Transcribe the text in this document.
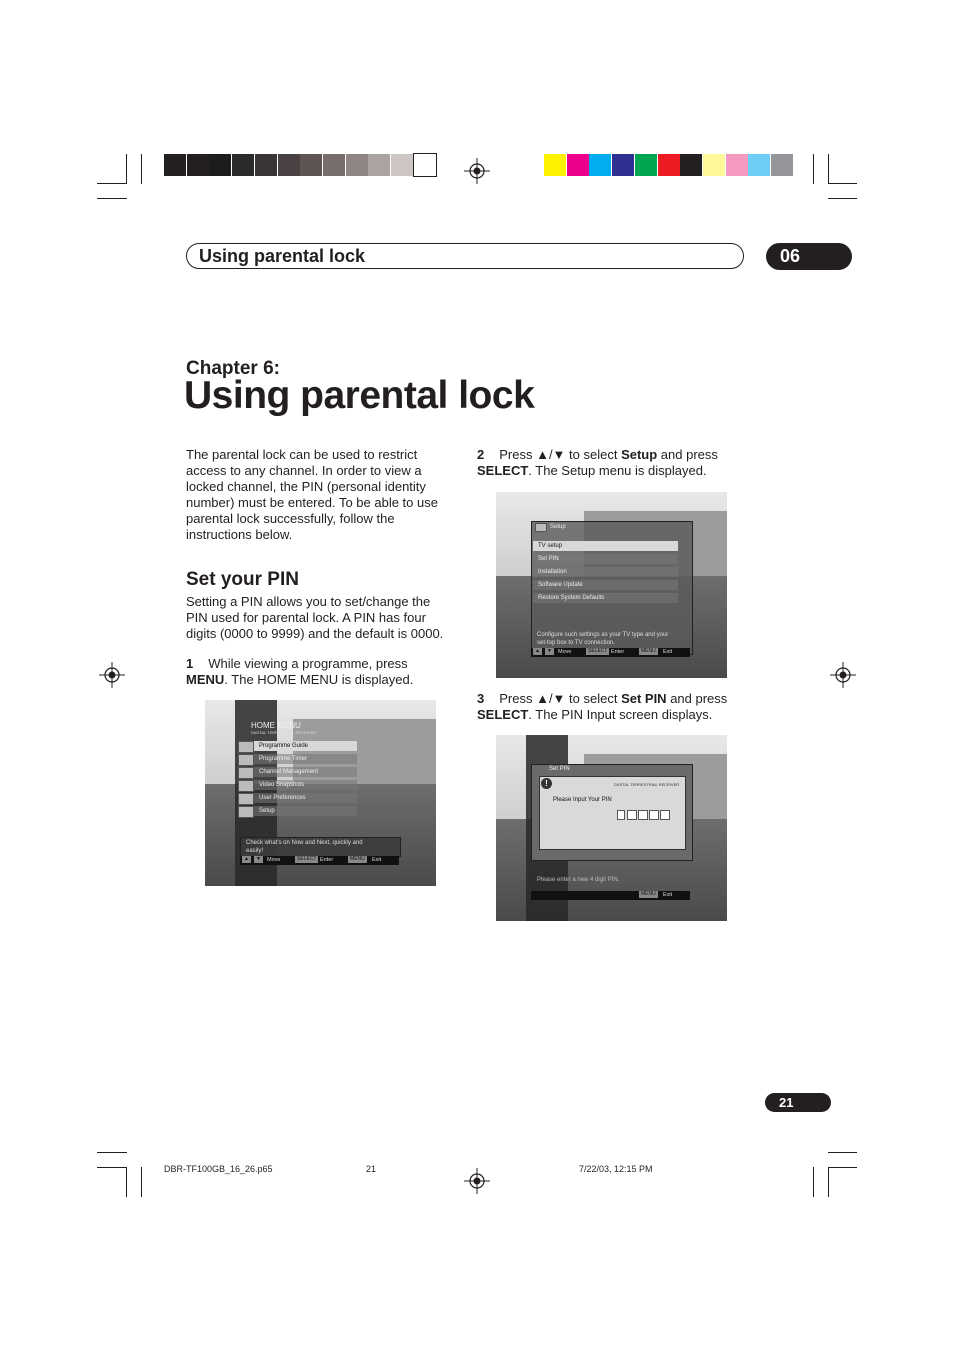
Using parental lock	06
Chapter 6:
Using parental lock
The parental lock can be used to restrict
access to any channel. In order to view a
locked channel, the PIN (personal identity
number) must be entered. To be able to use
parental lock successfully, follow the
instructions below.
Set your PIN
Setting a PIN allows you to set/change the
PIN used for parental lock. A PIN has four
digits (0000 to 9999) and the default is 0000.
1 While viewing a programme, press
MENU. The HOME MENU is displayed.
HOME MENU
DIGITAL TERRESTRIAL RECEIVER
Programme Guide
Programme Timer
Channel Management
Video Snapshots
User Preferences
Setup
Check what's on Now and Next, quickly and easily!
▲	▼	Move	SELECT Enter	MENU	Exit
2 Press ▲/▼ to select Setup and press
SELECT. The Setup menu is displayed.
Setup
TV setup
Set PIN
Installation
Software Update
Restore System Defaults
Configure such settings as your TV type and your set-top box to TV connection.
▲	▼	Move	SELECT Enter	MENU	Exit
3 Press ▲/▼ to select Set PIN and press
SELECT. The PIN Input screen displays.
Set PIN
!	DIGITAL TERRESTRIAL RECEIVER
Please Input Your PIN
Please enter a new 4 digit PIN.
MENU	Exit
21
DBR-TF100GB_16_26.p65	21	7/22/03, 12:15 PM
